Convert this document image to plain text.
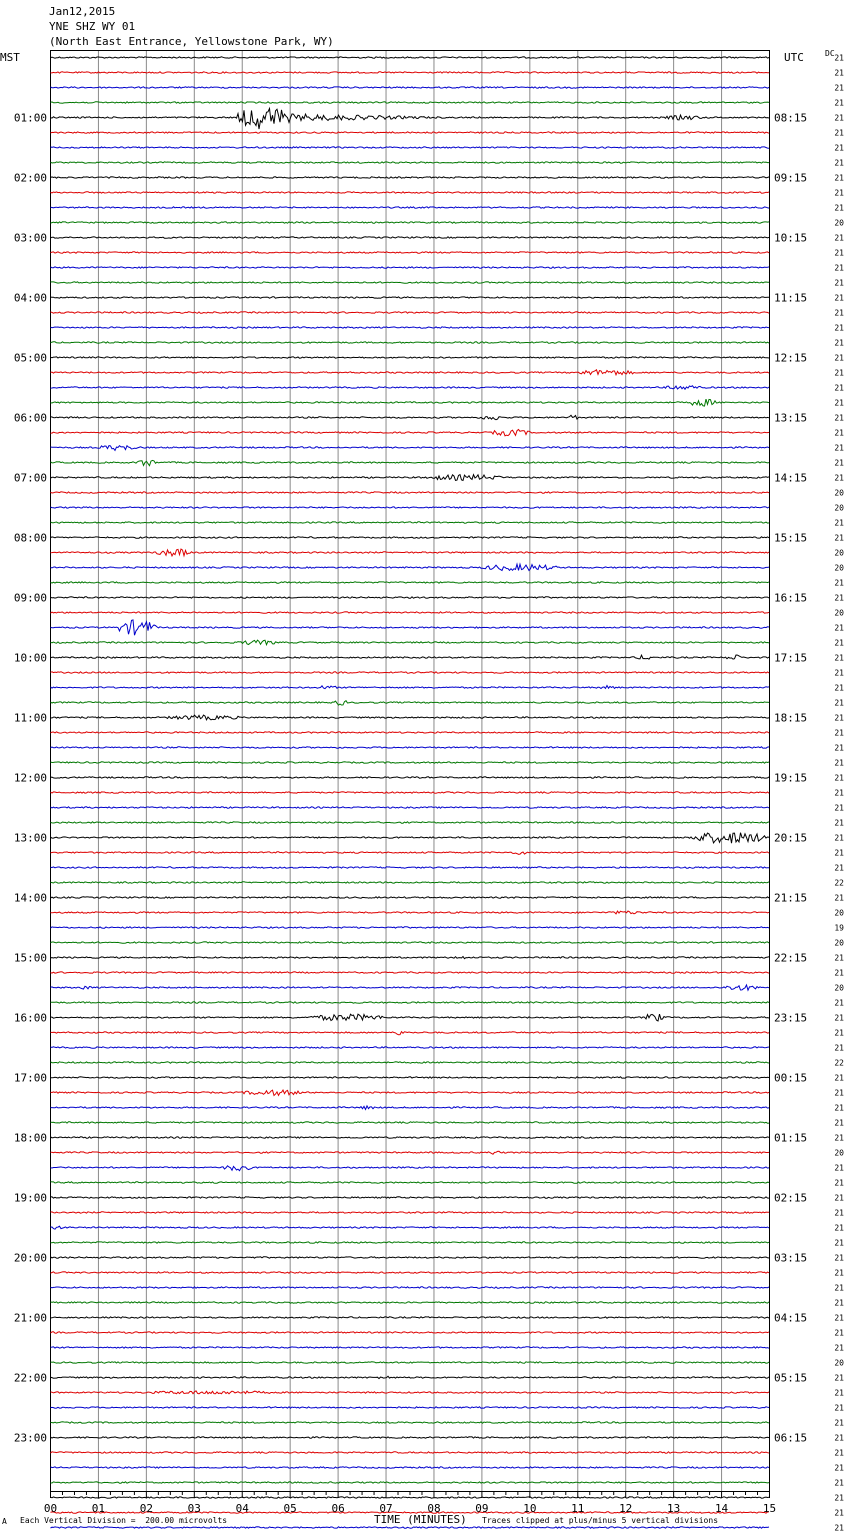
00	01	02	03	04	05	06	07	08	09	10	11	12	13	14	15
01:00
02:00
03:00
04:00
05:00
06:00
07:00
08:00
09:00
10:00
11:00
12:00
13:00
14:00
15:00
16:00
17:00
18:00
19:00
20:00
21:00
22:00
23:00
08:15
09:15
10:15
11:15
12:15
13:15
14:15
15:15
16:15
17:15
18:15
19:15
20:15
21:15
22:15
23:15
00:15
01:15
02:15
03:15
04:15
05:15
06:15
21
21
21
21
21
21
21
21
21
21
21
20
21
21
21
21
21
21
21
21
21
21
21
21
21
21
21
21
21
20
20
21
21
20
20
21
21
20
21
21
21
21
21
21
21
21
21
21
21
21
21
21
21
21
21
22
21
20
19
20
21
21
20
21
21
21
21
22
21
21
21
21
21
20
21
21
21
21
21
21
21
21
21
21
21
21
21
20
21
21
21
21
21
21
21
21
21
21
21
Jan12,2015
YNE SHZ WY 01
(North East Entrance, Yellowstone Park, WY)
MST	UTC	DC
A Each Vertical Division =  200.00 microvolts	TIME (MINUTES) Traces clipped at plus/minus 5 vertical divisions
